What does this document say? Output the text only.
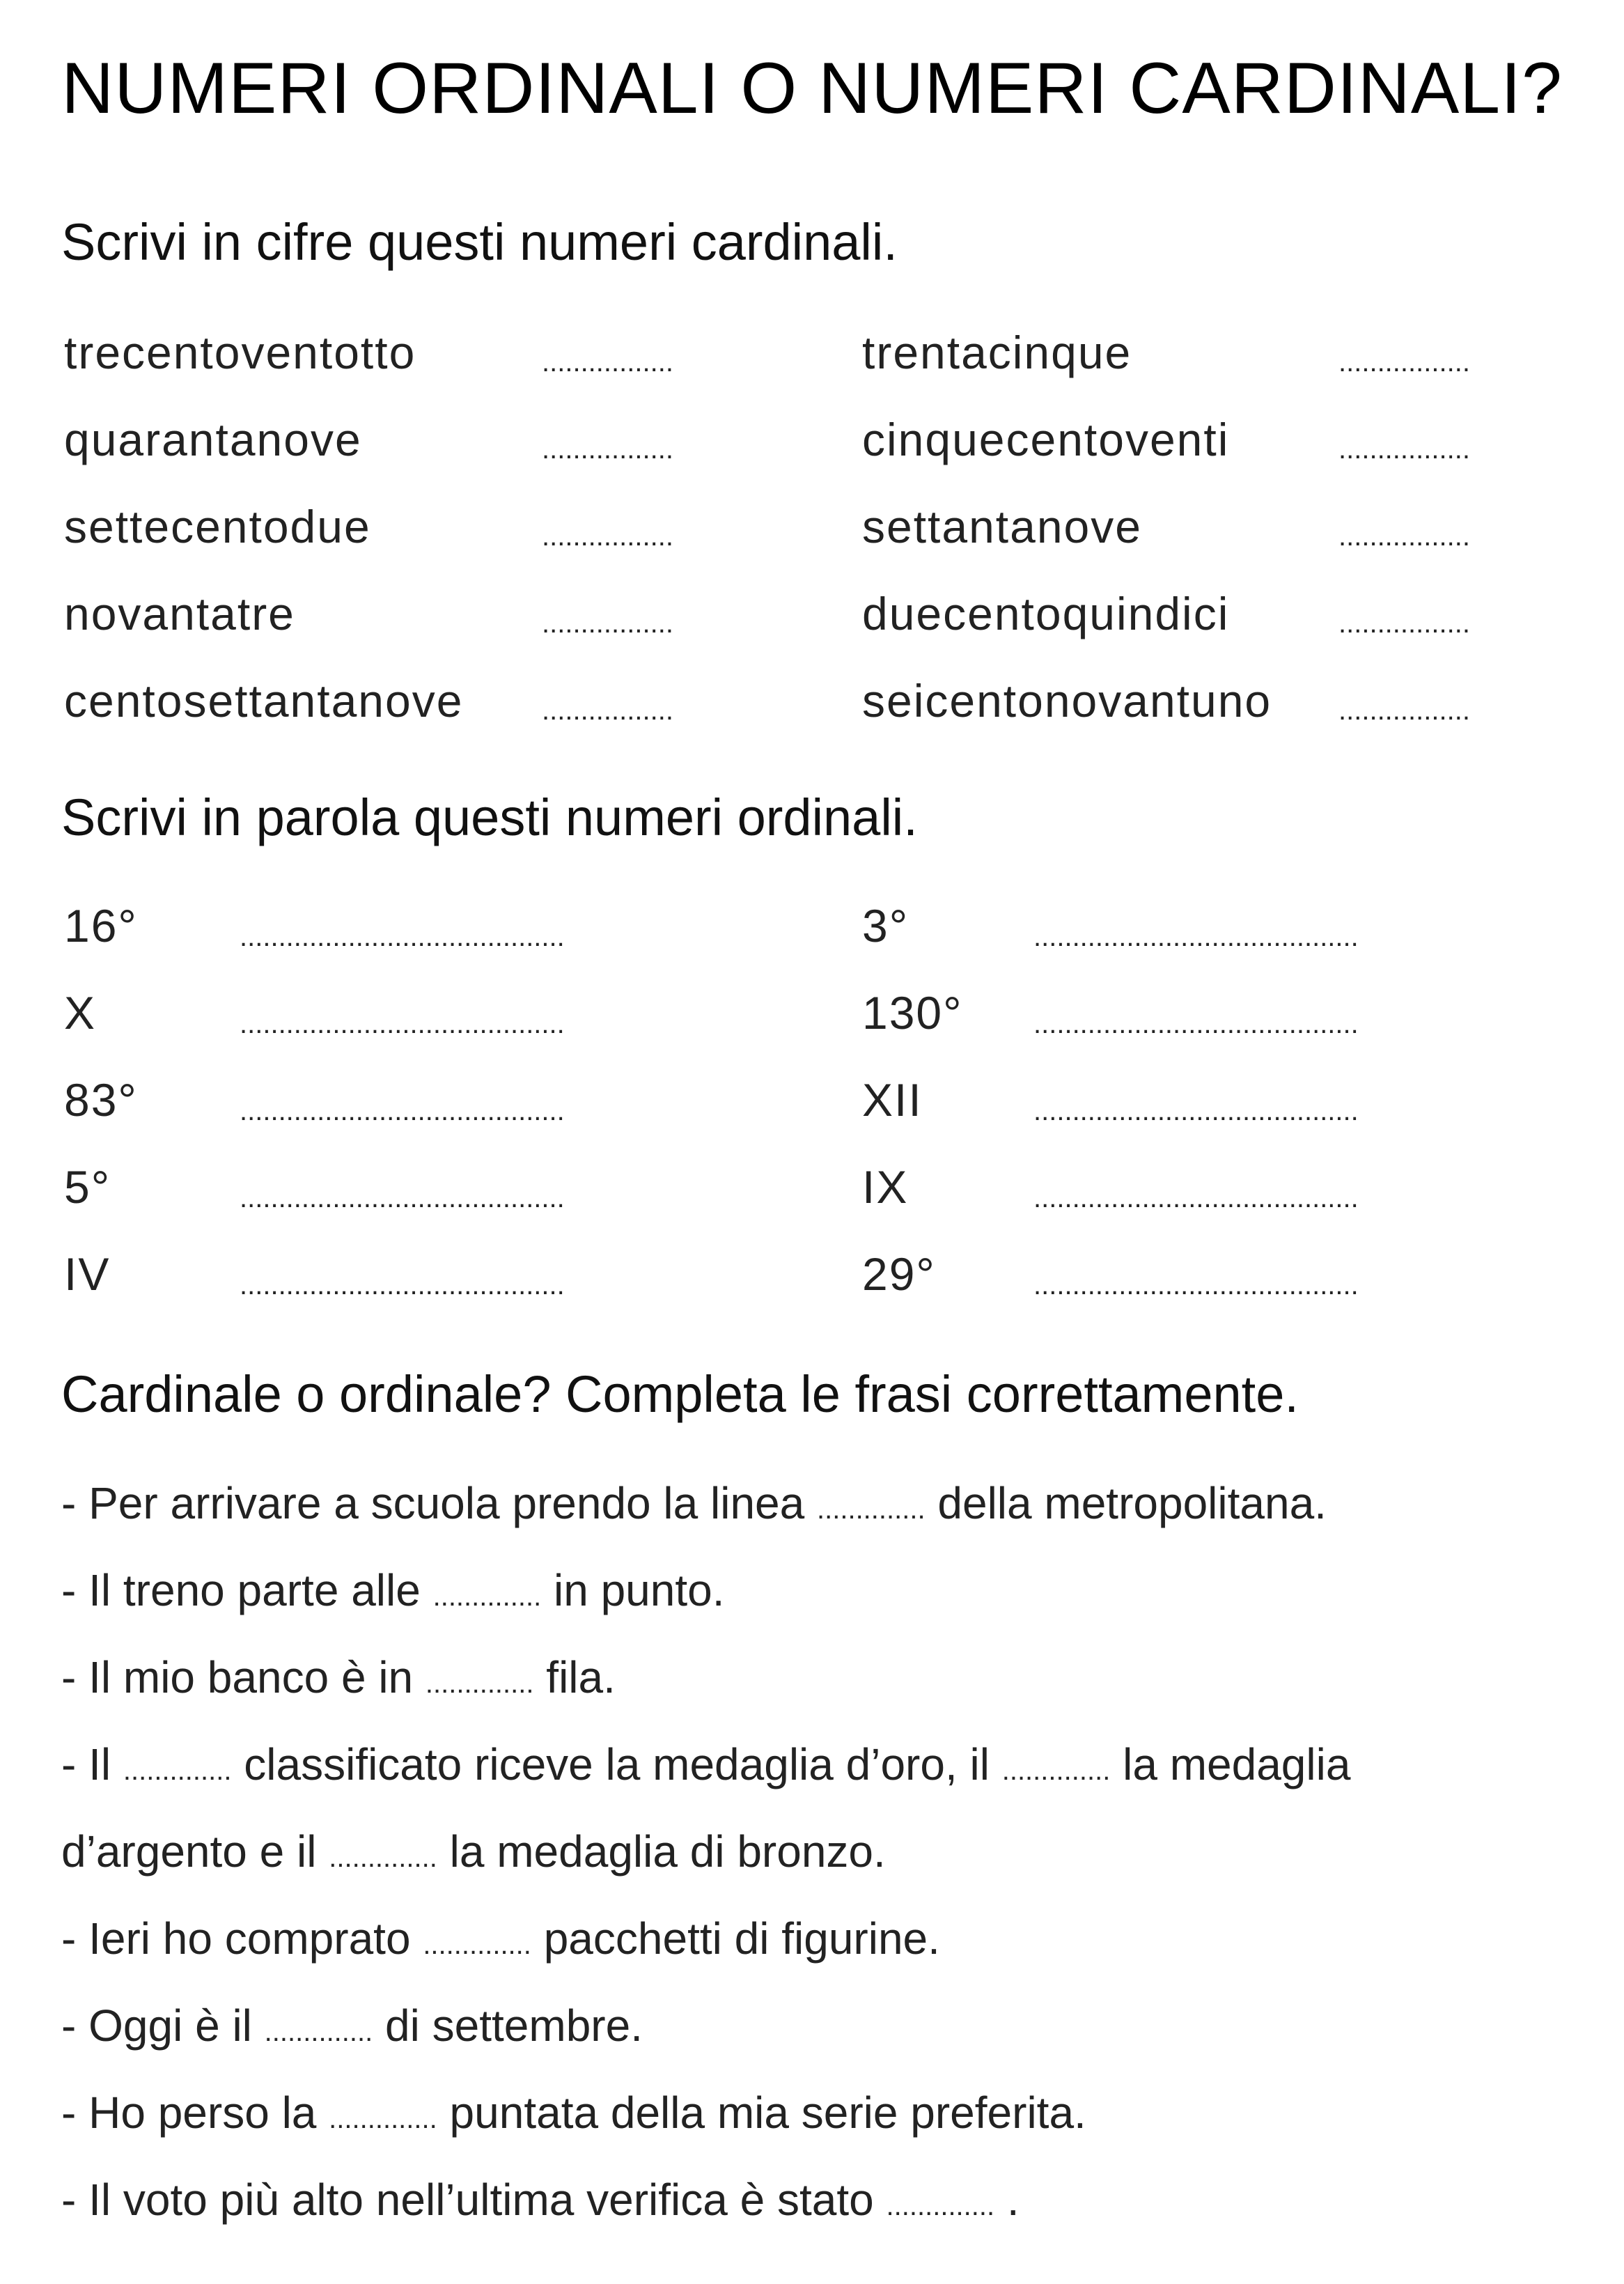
NUMERI ORDINALI O NUMERI CARDINALI?
Scrivi in cifre questi numeri cardinali.
trecentoventotto	.................	trentacinque	.................
quarantanove	.................	cinquecentoventi	.................
settecentodue	.................	settantanove	.................
novantatre	.................	duecentoquindici	.................
centosettantanove	.................	seicentonovantuno .................
Scrivi in parola questi numeri ordinali.
16°	..........................................	3°	..........................................
X	..........................................	130°	..........................................
83°	..........................................	XII	..........................................
5°	..........................................	IX	..........................................
IV	..........................................	29°	..........................................
Cardinale o ordinale? Completa le frasi correttamente.
- Per arrivare a scuola prendo la linea .............. della metropolitana.
- Il treno parte alle .............. in punto.
- Il mio banco è in .............. fila.
- Il .............. classificato riceve la medaglia d’oro, il .............. la medaglia
d’argento e il .............. la medaglia di bronzo.
- Ieri ho comprato .............. pacchetti di figurine.
- Oggi è il .............. di settembre.
- Ho perso la .............. puntata della mia serie preferita.
- Il voto più alto nell’ultima verifica è stato .............. .
